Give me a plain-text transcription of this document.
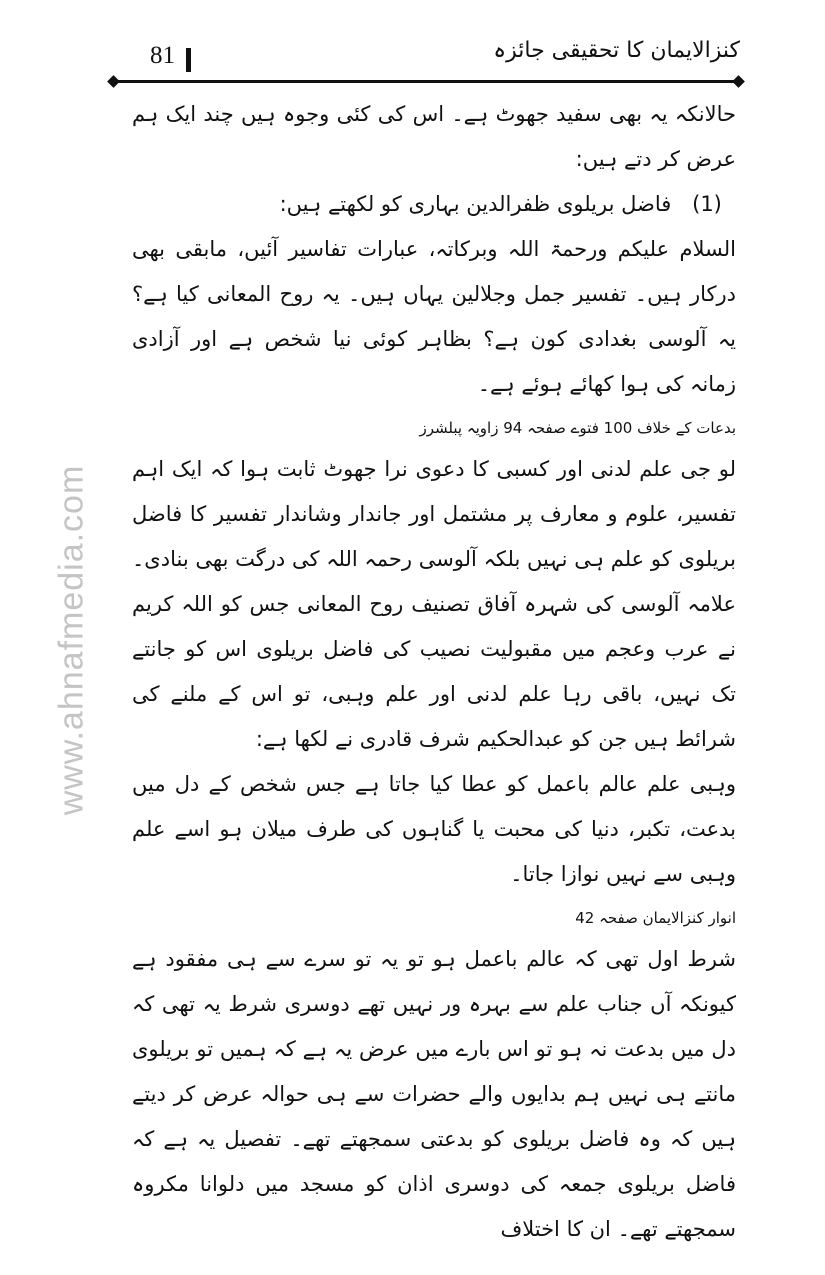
81	کنزالایمان کا تحقیقی جائزہ
www.ahnafmedia.com

حالانکہ یہ بھی سفید جھوٹ ہے۔ اس کی کئی وجوہ ہیں چند ایک ہم عرض کر دتے ہیں:

(1) فاضل بریلوی ظفرالدین بہاری کو لکھتے ہیں:

السلام علیکم ورحمۃ اللہ وبرکاتہ، عبارات تفاسیر آئیں، مابقی بھی درکار ہیں۔ تفسیر جمل وجلالین یہاں ہیں۔ یہ روح المعانی کیا ہے؟ یہ آلوسی بغدادی کون ہے؟ بظاہر کوئی نیا شخص ہے اور آزادی زمانہ کی ہوا کھائے ہوئے ہے۔

بدعات کے خلاف 100 فتوے صفحہ 94 زاویہ پبلشرز

لو جی علم لدنی اور کسبی کا دعوی نرا جھوٹ ثابت ہوا کہ ایک اہم تفسیر، علوم و معارف پر مشتمل اور جاندار وشاندار تفسیر کا فاضل بریلوی کو علم ہی نہیں بلکہ آلوسی رحمہ اللہ کی درگت بھی بنادی۔ علامہ آلوسی کی شہرہ آفاق تصنیف روح المعانی جس کو اللہ کریم نے عرب وعجم میں مقبولیت نصیب کی فاضل بریلوی اس کو جانتے تک نہیں، باقی رہا علم لدنی اور علم وہبی، تو اس کے ملنے کی شرائط ہیں جن کو عبدالحکیم شرف قادری نے لکھا ہے:

وہبی علم عالم باعمل کو عطا کیا جاتا ہے جس شخص کے دل میں بدعت، تکبر، دنیا کی محبت یا گناہوں کی طرف میلان ہو اسے علم وہبی سے نہیں نوازا جاتا۔

انوار کنزالایمان صفحہ 42

شرط اول تھی کہ عالم باعمل ہو تو یہ تو سرے سے ہی مفقود ہے کیونکہ آں جناب علم سے بہرہ ور نہیں تھے دوسری شرط یہ تھی کہ دل میں بدعت نہ ہو تو اس بارے میں عرض یہ ہے کہ ہمیں تو بریلوی مانتے ہی نہیں ہم بدایوں والے حضرات سے ہی حوالہ عرض کر دیتے ہیں کہ وہ فاضل بریلوی کو بدعتی سمجھتے تھے۔ تفصیل یہ ہے کہ فاضل بریلوی جمعہ کی دوسری اذان کو مسجد میں دلوانا مکروہ سمجھتے تھے۔ ان کا اختلاف
